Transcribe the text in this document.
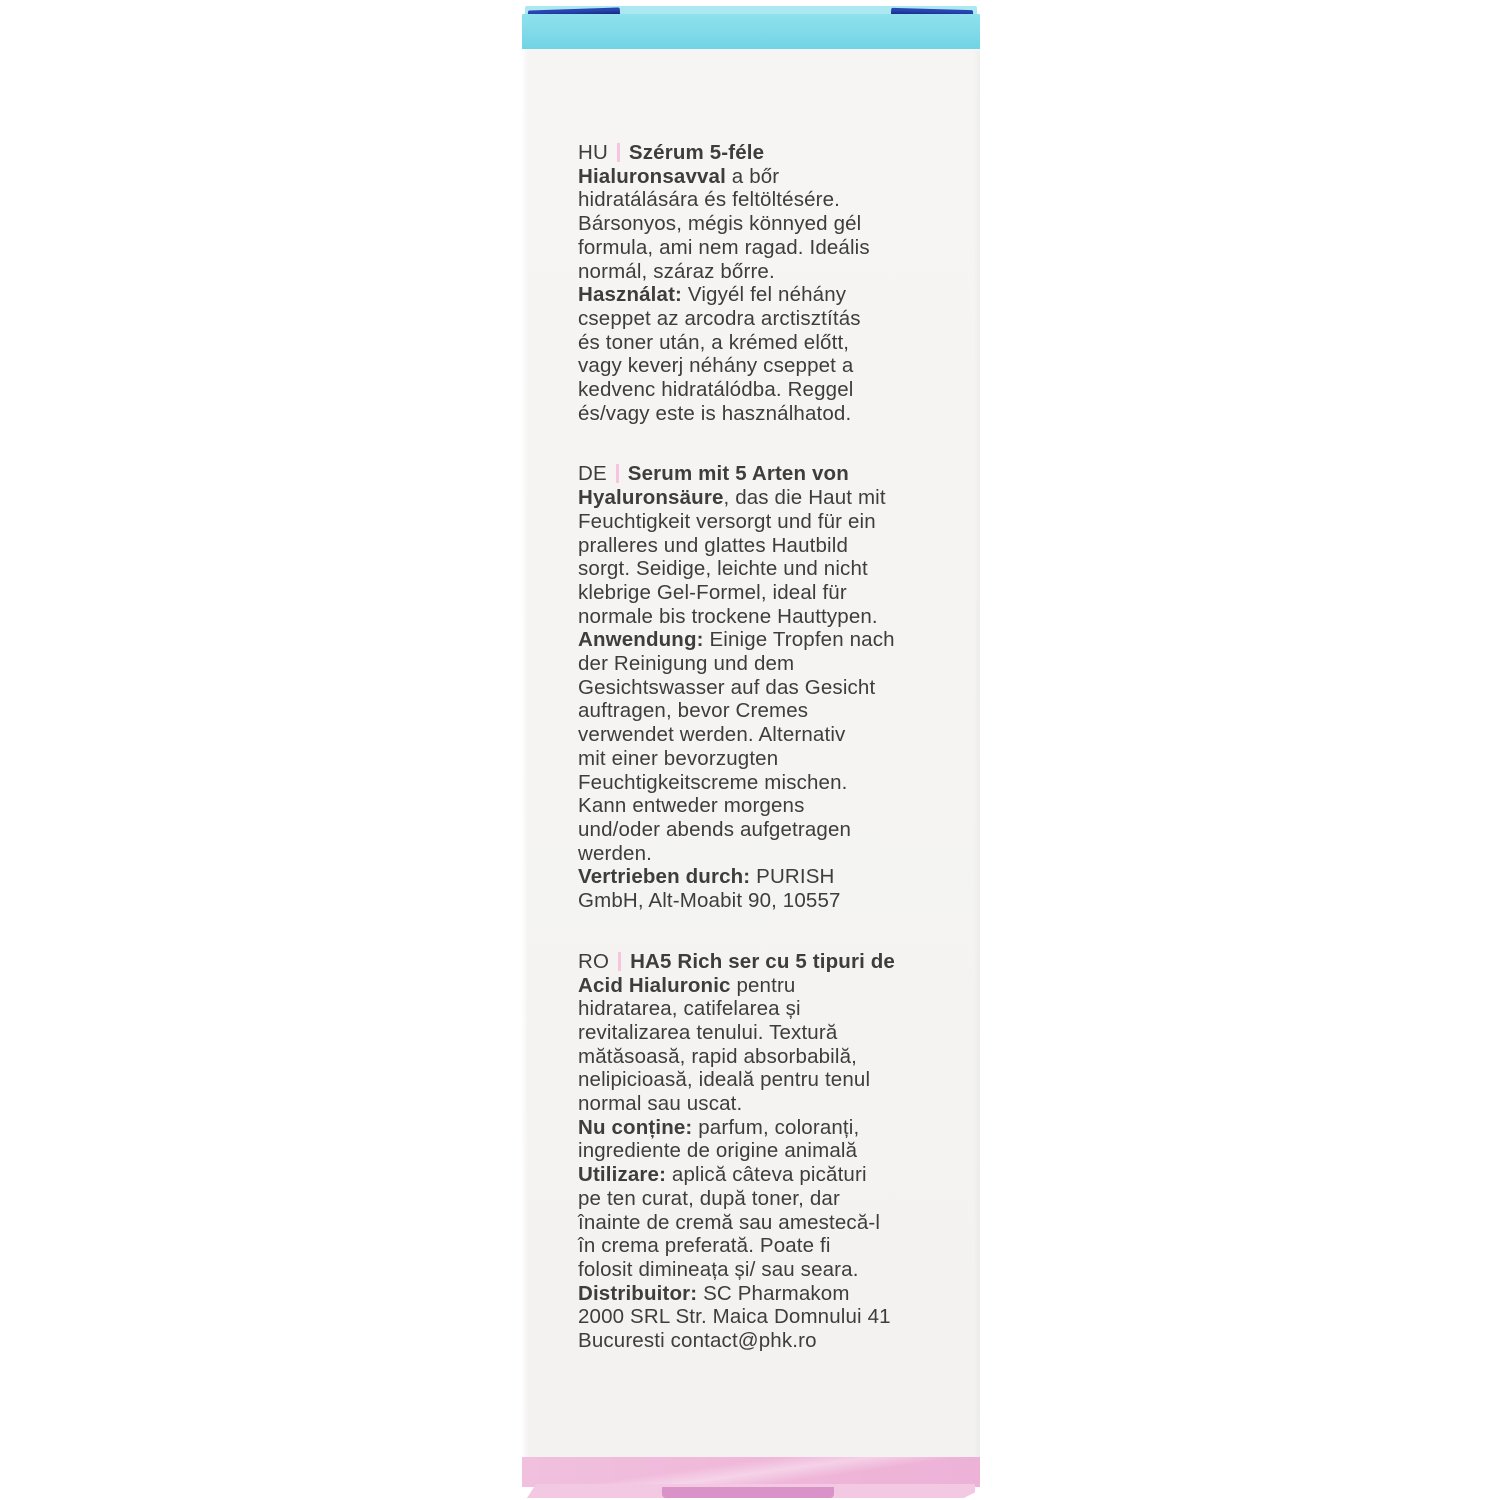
HU Szérum 5-féle
Hialuronsavval a bőr
hidratálására és feltöltésére.
Bársonyos, mégis könnyed gél
formula, ami nem ragad. Ideális
normál, száraz bőrre.
Használat: Vigyél fel néhány
cseppet az arcodra arctisztítás
és toner után, a krémed előtt,
vagy keverj néhány cseppet a
kedvenc hidratálódba. Reggel
és/vagy este is használhatod.
DE Serum mit 5 Arten von
Hyaluronsäure, das die Haut mit
Feuchtigkeit versorgt und für ein
pralleres und glattes Hautbild
sorgt. Seidige, leichte und nicht
klebrige Gel-Formel, ideal für
normale bis trockene Hauttypen.
Anwendung: Einige Tropfen nach
der Reinigung und dem
Gesichtswasser auf das Gesicht
auftragen, bevor Cremes
verwendet werden. Alternativ
mit einer bevorzugten
Feuchtigkeitscreme mischen.
Kann entweder morgens
und/oder abends aufgetragen
werden.
Vertrieben durch: PURISH
GmbH, Alt-Moabit 90, 10557
RO HA5 Rich ser cu 5 tipuri de
Acid Hialuronic pentru
hidratarea, catifelarea și
revitalizarea tenului. Textură
mătăsoasă, rapid absorbabilă,
nelipicioasă, ideală pentru tenul
normal sau uscat.
Nu conține: parfum, coloranți,
ingrediente de origine animală
Utilizare: aplică câteva picături
pe ten curat, după toner, dar
înainte de cremă sau amestecă-l
în crema preferată. Poate fi
folosit dimineața și/ sau seara.
Distribuitor: SC Pharmakom
2000 SRL Str. Maica Domnului 41
Bucuresti contact@phk.ro
